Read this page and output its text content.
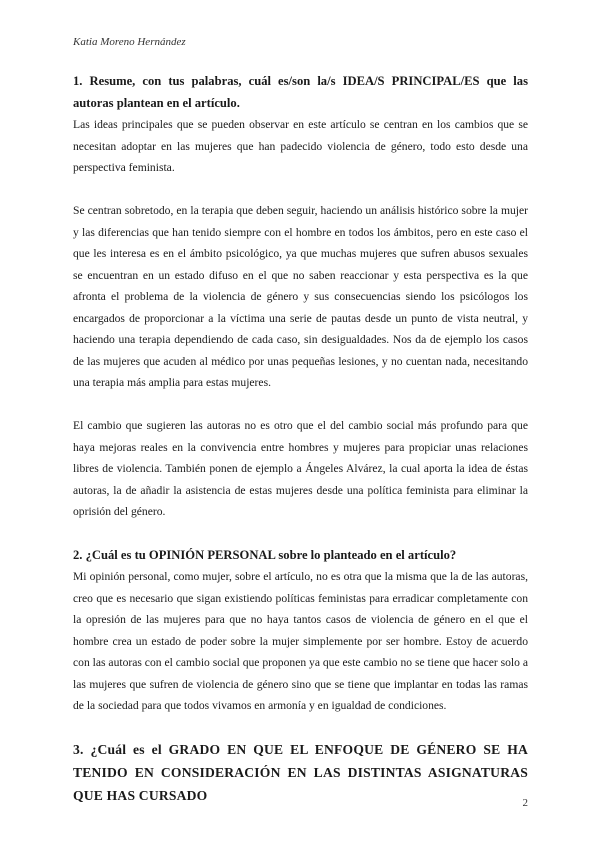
Katia Moreno Hernández

1. Resume, con tus palabras, cuál es/son la/s IDEA/S PRINCIPAL/ES que las autoras plantean en el artículo.

Las ideas principales que se pueden observar en este artículo se centran en los cambios que se necesitan adoptar en las mujeres que han padecido violencia de género, todo esto desde una perspectiva feminista.

Se centran sobretodo, en la terapia que deben seguir, haciendo un análisis histórico sobre la mujer y las diferencias que han tenido siempre con el hombre en todos los ámbitos, pero en este caso el que les interesa es en el ámbito psicológico, ya que muchas mujeres que sufren abusos sexuales se encuentran en un estado difuso en el que no saben reaccionar y esta perspectiva es la que afronta el problema de la violencia de género y sus consecuencias siendo los psicólogos los encargados de proporcionar a la víctima una serie de pautas desde un punto de vista neutral, y haciendo una terapia dependiendo de cada caso, sin desigualdades. Nos da de ejemplo los casos de las mujeres que acuden al médico por unas pequeñas lesiones, y no cuentan nada, necesitando una terapia más amplia para estas mujeres.

El cambio que sugieren las autoras no es otro que el del cambio social más profundo para que haya mejoras reales en la convivencia entre hombres y mujeres para propiciar unas relaciones libres de violencia. También ponen de ejemplo a Ángeles Alvárez, la cual aporta la idea de éstas autoras, la de añadir la asistencia de estas mujeres desde una política feminista para eliminar la oprisión del género.

2. ¿Cuál es tu OPINIÓN PERSONAL sobre lo planteado en el artículo?

Mi opinión personal, como mujer, sobre el artículo, no es otra que la misma que la de las autoras, creo que es necesario que sigan existiendo políticas feministas para erradicar completamente con la opresión de las mujeres para que no haya tantos casos de violencia de género en el que el hombre crea un estado de poder sobre la mujer simplemente por ser hombre. Estoy de acuerdo con las autoras con el cambio social que proponen ya que este cambio no se tiene que hacer solo a las mujeres que sufren de violencia de género sino que se tiene que implantar en todas las ramas de la sociedad para que todos vivamos en armonía y en igualdad de condiciones.

3. ¿Cuál es el GRADO EN QUE EL ENFOQUE DE GÉNERO SE HA TENIDO EN CONSIDERACIÓN EN LAS DISTINTAS ASIGNATURAS QUE HAS CURSADO	2
